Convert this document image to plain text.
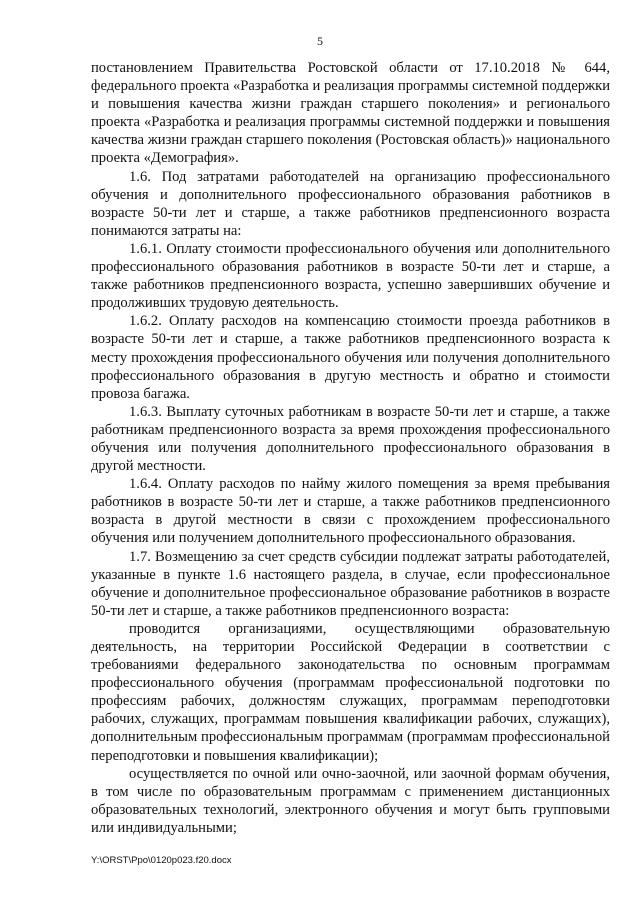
5

постановлением Правительства Ростовской области от 17.10.2018 № 644, федерального проекта «Разработка и реализация программы системной поддержки и повышения качества жизни граждан старшего поколения» и региональого проекта «Разработка и реализация программы системной поддержки и повышения качества жизни граждан старшего поколения (Ростовская область)» национального проекта «Демография».

1.6. Под затратами работодателей на организацию профессионального обучения и дополнительного профессионального образования работников в возрасте 50-ти лет и старше, а также работников предпенсионного возраста понимаются затраты на:

1.6.1. Оплату стоимости профессионального обучения или дополнительного профессионального образования работников в возрасте 50-ти лет и старше, а также работников предпенсионного возраста, успешно завершивших обучение и продолживших трудовую деятельность.

1.6.2. Оплату расходов на компенсацию стоимости проезда работников в возрасте 50-ти лет и старше, а также работников предпенсионного возраста к месту прохождения профессионального обучения или получения дополнительного профессионального образования в другую местность и обратно и стоимости провоза багажа.

1.6.3. Выплату суточных работникам в возрасте 50-ти лет и старше, а также работникам предпенсионного возраста за время прохождения профессионального обучения или получения дополнительного профессионального образования в другой местности.

1.6.4. Оплату расходов по найму жилого помещения за время пребывания работников в возрасте 50-ти лет и старше, а также работников предпенсионного возраста в другой местности в связи с прохождением профессионального обучения или получением дополнительного профессионального образования.

1.7. Возмещению за счет средств субсидии подлежат затраты работодателей, указанные в пункте 1.6 настоящего раздела, в случае, если профессиональное обучение и дополнительное профессиональное образование работников в возрасте 50-ти лет и старше, а также работников предпенсионного возраста:

проводится организациями, осуществляющими образовательную деятельность, на территории Российской Федерации в соответствии с требованиями федерального законодательства по основным программам профессионального обучения (программам профессиональной подготовки по профессиям рабочих, должностям служащих, программам переподготовки рабочих, служащих, программам повышения квалификации рабочих, служащих), дополнительным профессиональным программам (программам профессиональной переподготовки и повышения квалификации);

осуществляется по очной или очно-заочной, или заочной формам обучения, в том числе по образовательным программам с применением дистанционных образовательных технологий, электронного обучения и могут быть групповыми или индивидуальными;

Y:\ORST\Ppo\0120p023.f20.docx
